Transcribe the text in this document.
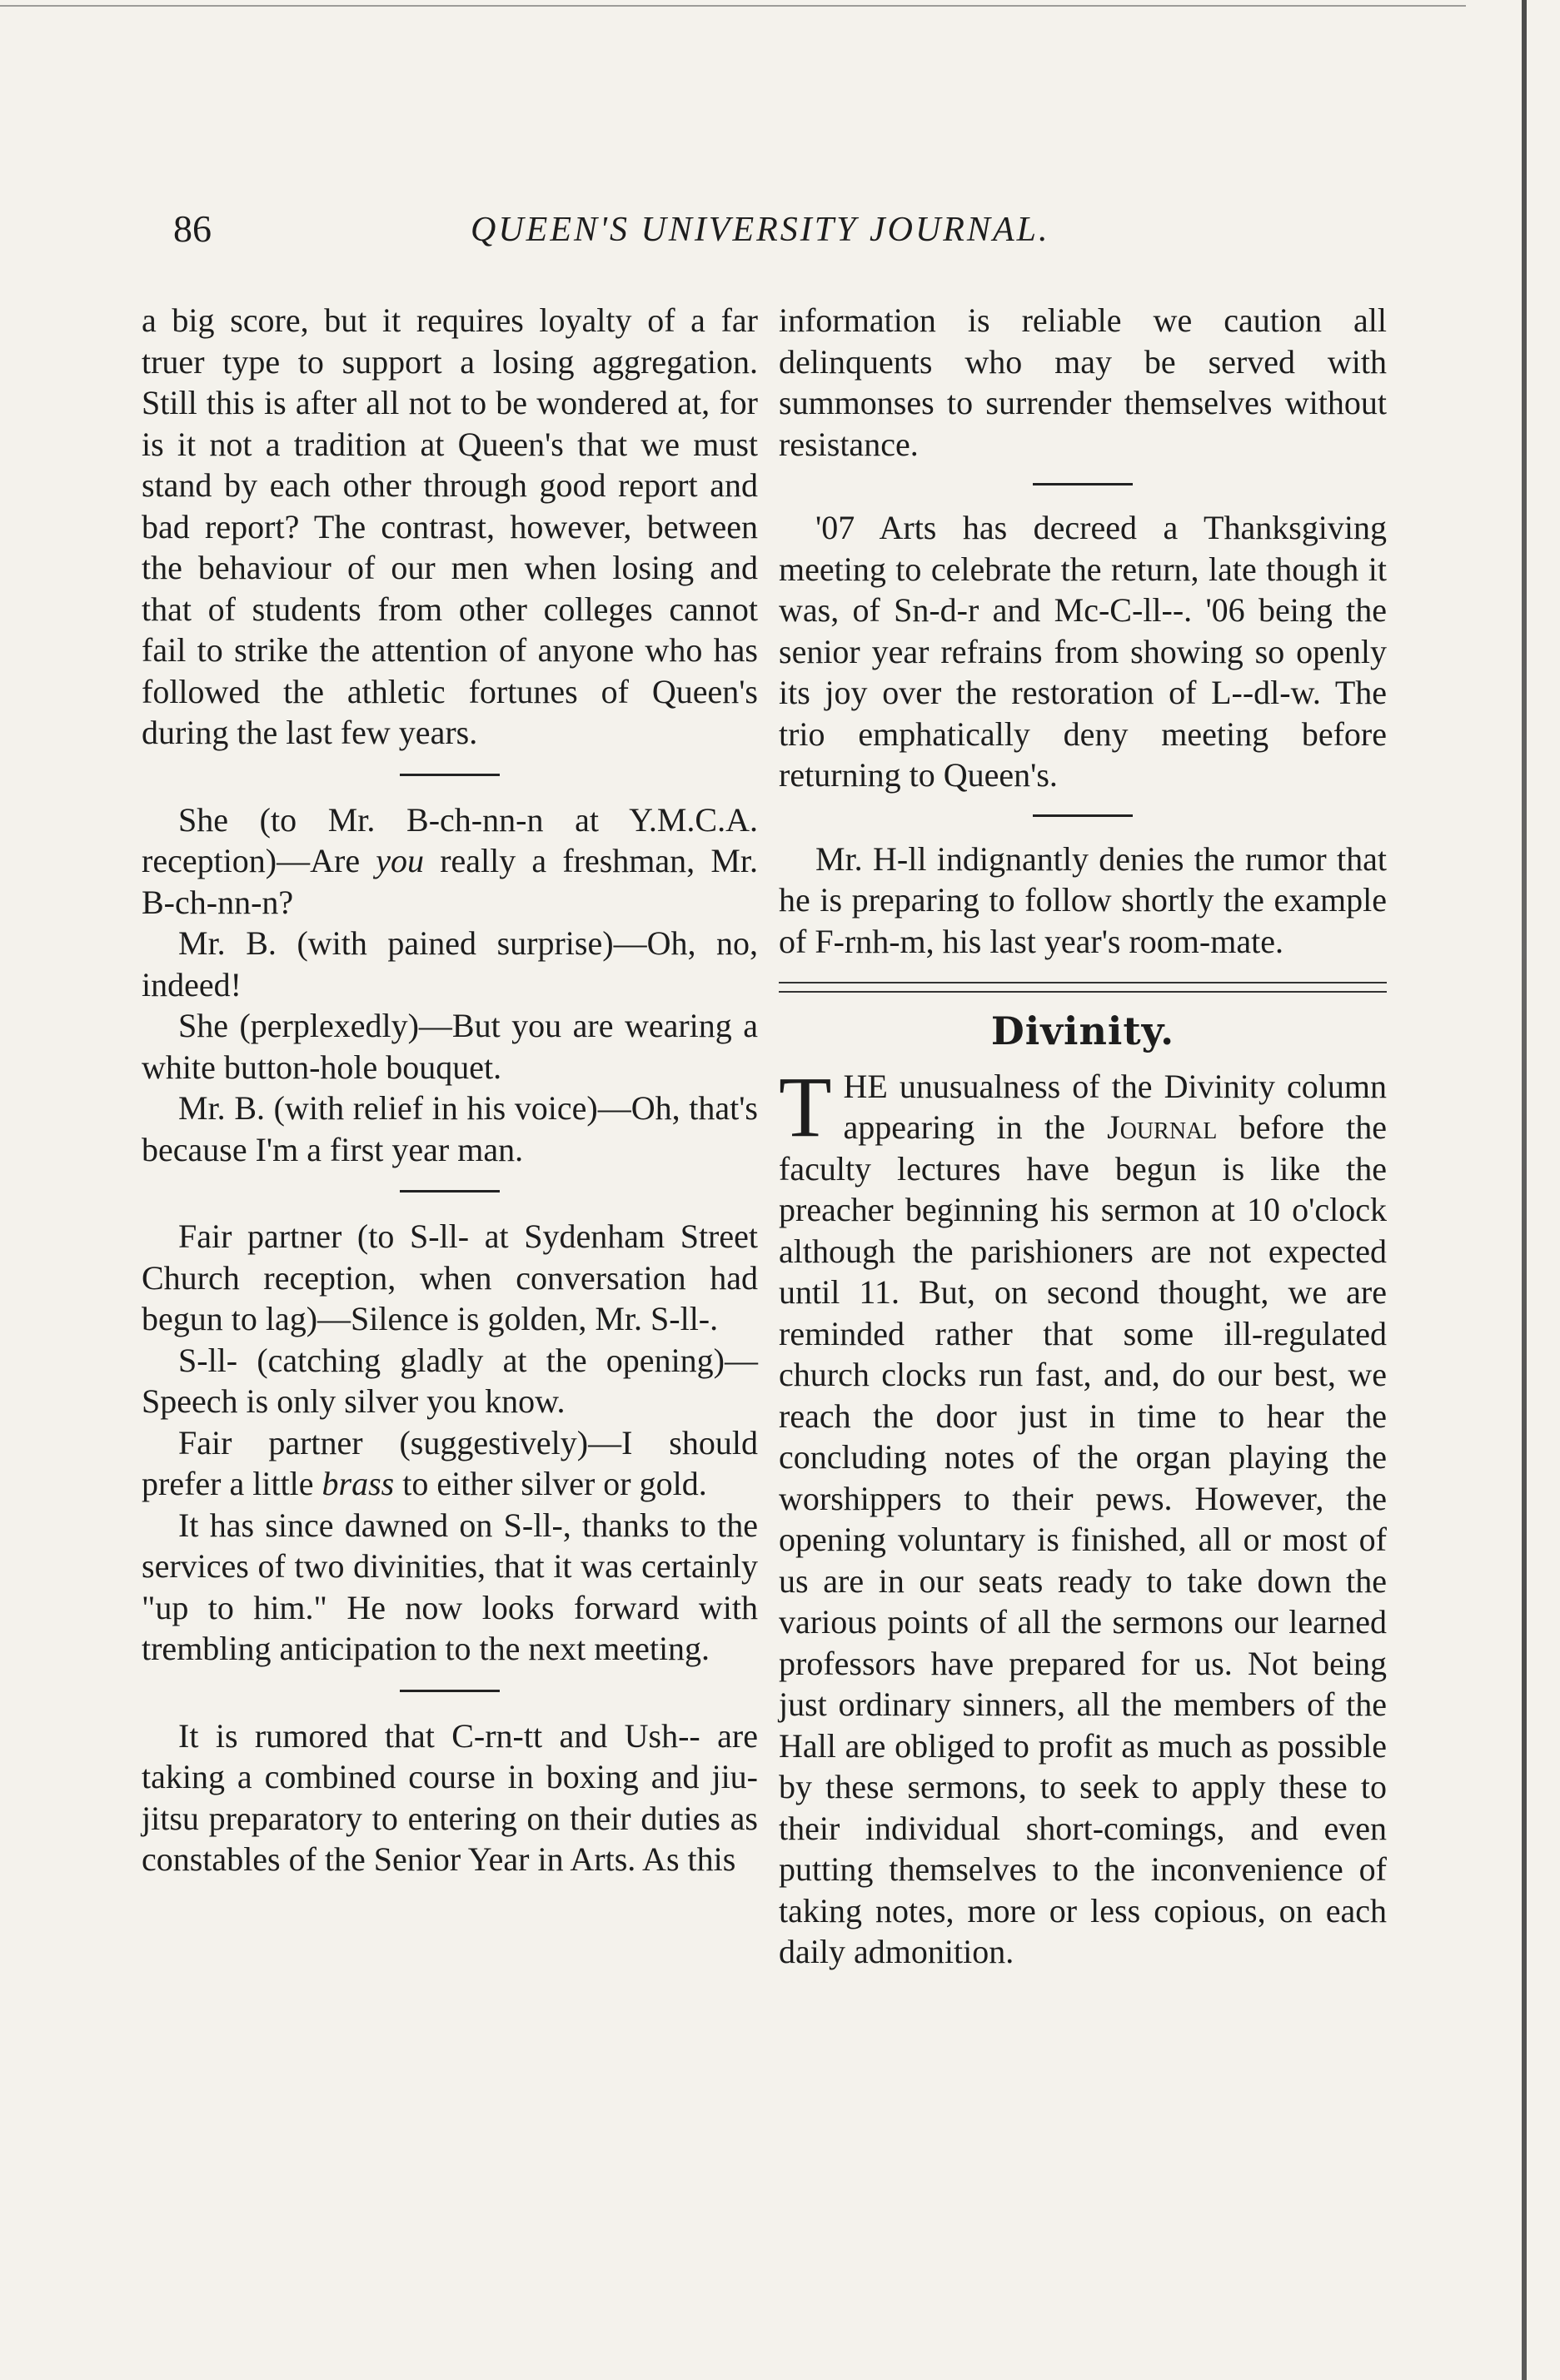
86	QUEEN'S UNIVERSITY JOURNAL.

a big score, but it requires loyalty of a far truer type to support a losing aggregation. Still this is after all not to be wondered at, for is it not a tradition at Queen's that we must stand by each other through good report and bad report? The contrast, however, between the behaviour of our men when losing and that of students from other colleges cannot fail to strike the attention of anyone who has followed the athletic fortunes of Queen's during the last few years.

She (to Mr. B-ch-nn-n at Y.M.C.A. reception)—Are you really a freshman, Mr. B-ch-nn-n?

Mr. B. (with pained surprise)—Oh, no, indeed!

She (perplexedly)—But you are wearing a white button-hole bouquet.

Mr. B. (with relief in his voice)—Oh, that's because I'm a first year man.

Fair partner (to S-ll- at Sydenham Street Church reception, when conversation had begun to lag)—Silence is golden, Mr. S-ll-.

S-ll- (catching gladly at the opening)—Speech is only silver you know.

Fair partner (suggestively)—I should prefer a little brass to either silver or gold.

It has since dawned on S-ll-, thanks to the services of two divinities, that it was certainly "up to him." He now looks forward with trembling anticipation to the next meeting.

It is rumored that C-rn-tt and Ush-- are taking a combined course in boxing and jiu-jitsu preparatory to entering on their duties as constables of the Senior Year in Arts. As this

information is reliable we caution all delinquents who may be served with summonses to surrender themselves without resistance.

'07 Arts has decreed a Thanksgiving meeting to celebrate the return, late though it was, of Sn-d-r and Mc-C-ll--. '06 being the senior year refrains from showing so openly its joy over the restoration of L--dl-w. The trio emphatically deny meeting before returning to Queen's.

Mr. H-ll indignantly denies the rumor that he is preparing to follow shortly the example of F-rnh-m, his last year's room-mate.

Divinity.

THE unusualness of the Divinity column appearing in the Journal before the faculty lectures have begun is like the preacher beginning his sermon at 10 o'clock although the parishioners are not expected until 11. But, on second thought, we are reminded rather that some ill-regulated church clocks run fast, and, do our best, we reach the door just in time to hear the concluding notes of the organ playing the worshippers to their pews. However, the opening voluntary is finished, all or most of us are in our seats ready to take down the various points of all the sermons our learned professors have prepared for us. Not being just ordinary sinners, all the members of the Hall are obliged to profit as much as possible by these sermons, to seek to apply these to their individual short-comings, and even putting themselves to the inconvenience of taking notes, more or less copious, on each daily admonition.
